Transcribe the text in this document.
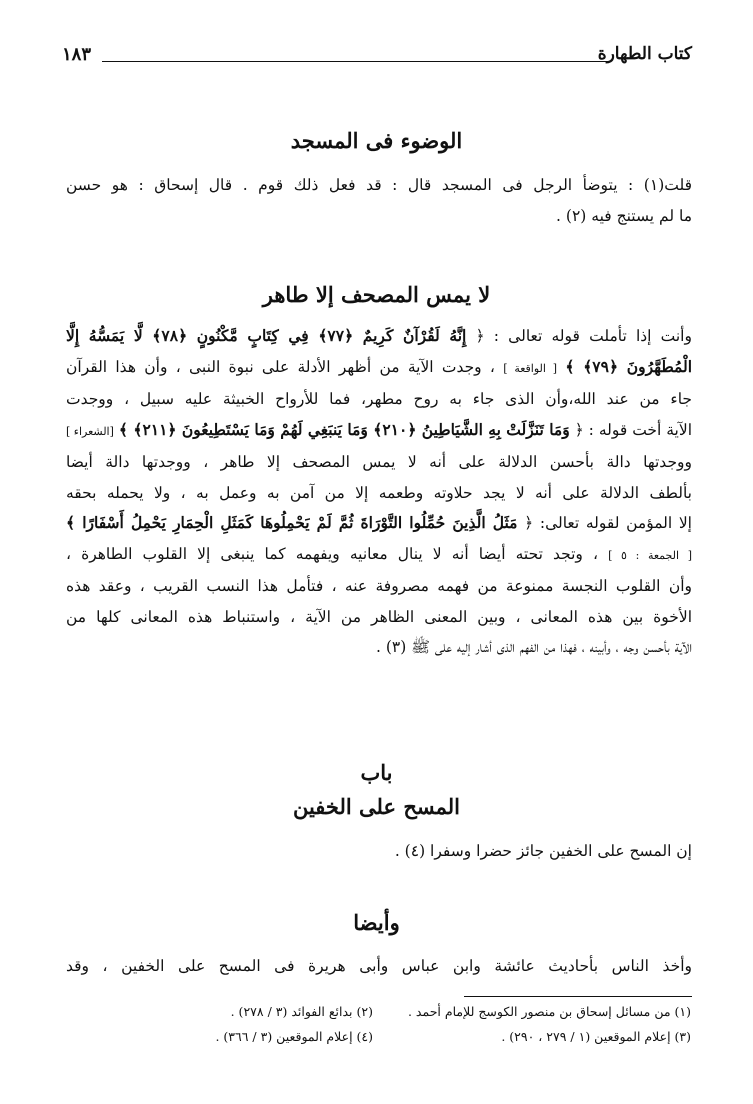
كتاب الطهارة
١٨٣
الوضوء فى المسجد
قلت(١) : يتوضأ الرجل فى المسجد قال : قد فعل ذلك قوم . قال إسحاق : هو حسن
ما لم يستنج فيه (٢) .
لا يمس المصحف إلا طاهر
وأنت إذا تأملت قوله تعالى : ﴿ إِنَّهُ لَقُرْآنٌ كَرِيمٌ ﴿٧٧﴾ فِي كِتَابٍ مَّكْنُونٍ ﴿٧٨﴾ لَّا يَمَسُّهُ إِلَّا
الْمُطَهَّرُونَ ﴿٧٩﴾ ﴾ [ الواقعة ] ، وجدت الآية من أظهر الأدلة على نبوة النبى ، وأن هذا القرآن
جاء من عند الله،وأن الذى جاء به روح مطهر، فما للأرواح الخبيثة عليه سبيل ، ووجدت
الآية أخت قوله : ﴿ وَمَا تَنَزَّلَتْ بِهِ الشَّيَاطِينُ ﴿٢١٠﴾ وَمَا يَنبَغِي لَهُمْ وَمَا يَسْتَطِيعُونَ ﴿٢١١﴾ ﴾ [الشعراء ]
ووجدتها دالة بأحسن الدلالة على أنه لا يمس المصحف إلا طاهر ، ووجدتها دالة أيضا
بألطف الدلالة على أنه لا يجد حلاوته وطعمه إلا من آمن به وعمل به ، ولا يحمله بحقه
إلا المؤمن لقوله تعالى: ﴿ مَثَلُ الَّذِينَ حُمِّلُوا التَّوْرَاةَ ثُمَّ لَمْ يَحْمِلُوهَا كَمَثَلِ الْحِمَارِ يَحْمِلُ أَسْفَارًا ﴾
[ الجمعة : ٥ ] ، وتجد تحته أيضا أنه لا ينال معانيه ويفهمه كما ينبغى إلا القلوب الطاهرة ،
وأن القلوب النجسة ممنوعة من فهمه مصروفة عنه ، فتأمل هذا النسب القريب ، وعقد هذه
الأخوة بين هذه المعانى ، وبين المعنى الظاهر من الآية ، واستنباط هذه المعانى كلها من
الآية بأحسن وجه ، وأبينه ، فهذا من الفهم الذى أشار إليه على ﷺ (٣) .
باب
المسح على الخفين
إن المسح على الخفين جائز حضرا وسفرا (٤) .
وأيضا
وأخذ الناس بأحاديث عائشة وابن عباس وأبى هريرة فى المسح على الخفين ، وقد
(١) من مسائل إسحاق بن منصور الكوسج للإمام أحمد .
(٢) بدائع الفوائد (٣ / ٢٧٨) .
(٣) إعلام الموقعين (١ / ٢٧٩ ، ٢٩٠) .
(٤) إعلام الموقعين (٣ / ٣٦٦) .
